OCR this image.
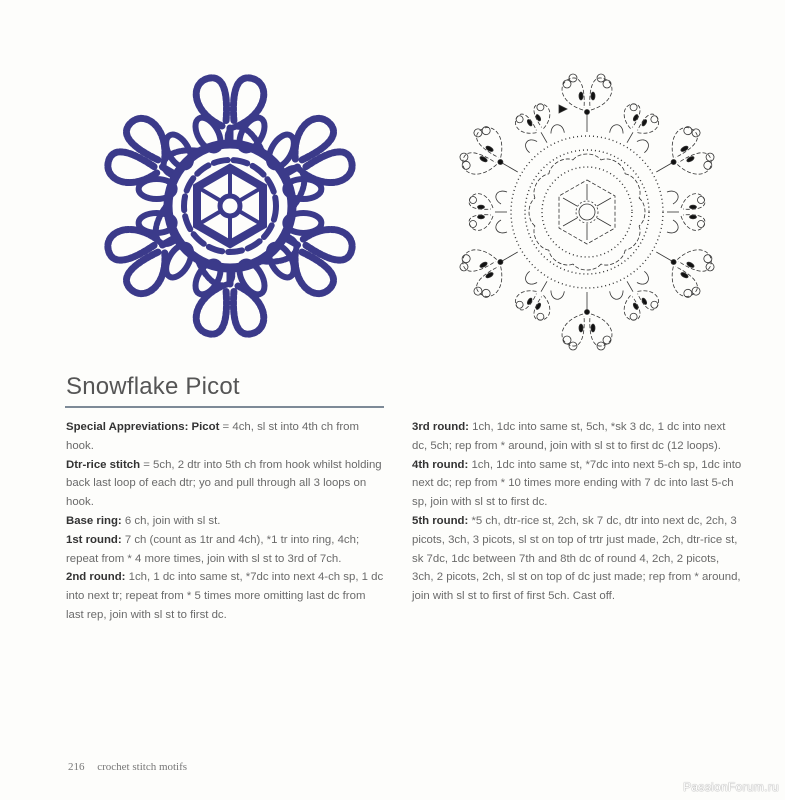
Snowflake Picot

Special Appreviations: Picot = 4ch, sl st into 4th ch from hook.

Dtr-rice stitch = 5ch, 2 dtr into 5th ch from hook whilst holding back last loop of each dtr; yo and pull through all 3 loops on hook.

Base ring: 6 ch, join with sl st.

1st round: 7 ch (count as 1tr and 4ch), *1 tr into ring, 4ch; repeat from * 4 more times, join with sl st to 3rd of 7ch.

2nd round: 1ch, 1 dc into same st, *7dc into next 4-ch sp, 1 dc into next tr; repeat from * 5 times more omitting last dc from last rep, join with sl st to first dc.

3rd round: 1ch, 1dc into same st, 5ch, *sk 3 dc, 1 dc into next dc, 5ch; rep from * around, join with sl st to first dc (12 loops).

4th round: 1ch, 1dc into same st, *7dc into next 5-ch sp, 1dc into next dc; rep from * 10 times more ending with 7 dc into last 5-ch sp, join with sl st to first dc.

5th round: *5 ch, dtr-rice st, 2ch, sk 7 dc, dtr into next dc, 2ch, 3 picots, 3ch, 3 picots, sl st on top of trtr just made, 2ch, dtr-rice st, sk 7dc, 1dc between 7th and 8th dc of round 4, 2ch, 2 picots, 3ch, 2 picots, 2ch, sl st on top of dc just made; rep from * around, join with sl st to first of first 5ch. Cast off.

216 crochet stitch motifs
PassionForum.ru
